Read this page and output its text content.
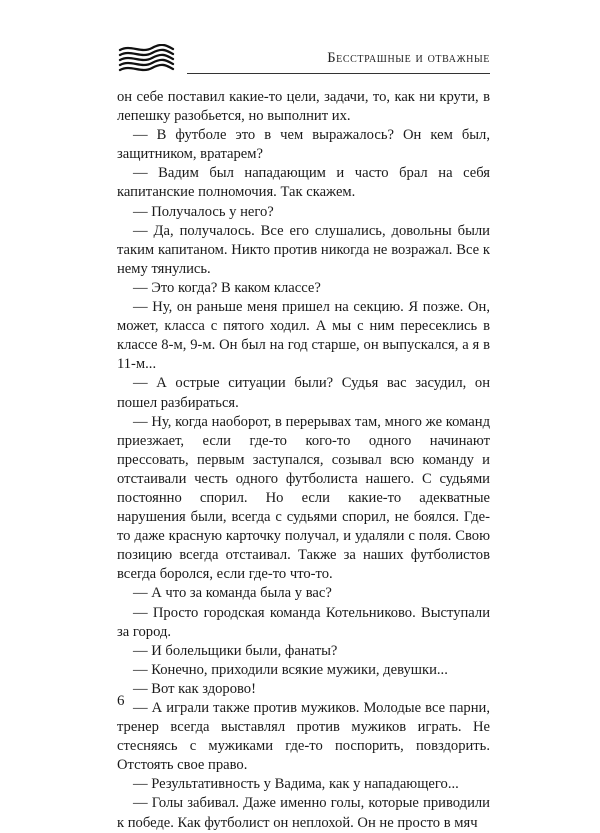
Бесстрашные и отважные

он себе поставил какие-то цели, задачи, то, как ни крути, в лепешку разобьется, но выполнит их.

— В футболе это в чем выражалось? Он кем был, защитником, вратарем?

— Вадим был нападающим и часто брал на себя капитанские полномочия. Так скажем.

— Получалось у него?

— Да, получалось. Все его слушались, довольны были таким капитаном. Никто против никогда не возражал. Все к нему тянулись.

— Это когда? В каком классе?

— Ну, он раньше меня пришел на секцию. Я позже. Он, может, класса с пятого ходил. А мы с ним пересеклись в классе 8-м, 9-м. Он был на год старше, он выпускался, а я в 11-м...

— А острые ситуации были? Судья вас засудил, он пошел разбираться.

— Ну, когда наоборот, в перерывах там, много же команд приезжает, если где-то кого-то одного начинают прессовать, первым заступался, созывал всю команду и отстаивали честь одного футболиста нашего. С судьями постоянно спорил. Но если какие-то адекватные нарушения были, всегда с судьями спорил, не боялся. Где-то даже красную карточку получал, и удаляли с поля. Свою позицию всегда отстаивал. Также за наших футболистов всегда боролся, если где-то что-то.

— А что за команда была у вас?

— Просто городская команда Котельниково. Выступали за город.

— И болельщики были, фанаты?

— Конечно, приходили всякие мужики, девушки...

— Вот как здорово!

— А играли также против мужиков. Молодые все парни, тренер всегда выставлял против мужиков играть. Не стесняясь с мужиками где-то поспорить, повздорить. Отстоять свое право.

— Результативность у Вадима, как у нападающего...

— Голы забивал. Даже именно голы, которые приводили к победе. Как футболист он неплохой. Он не просто в мяч

6
